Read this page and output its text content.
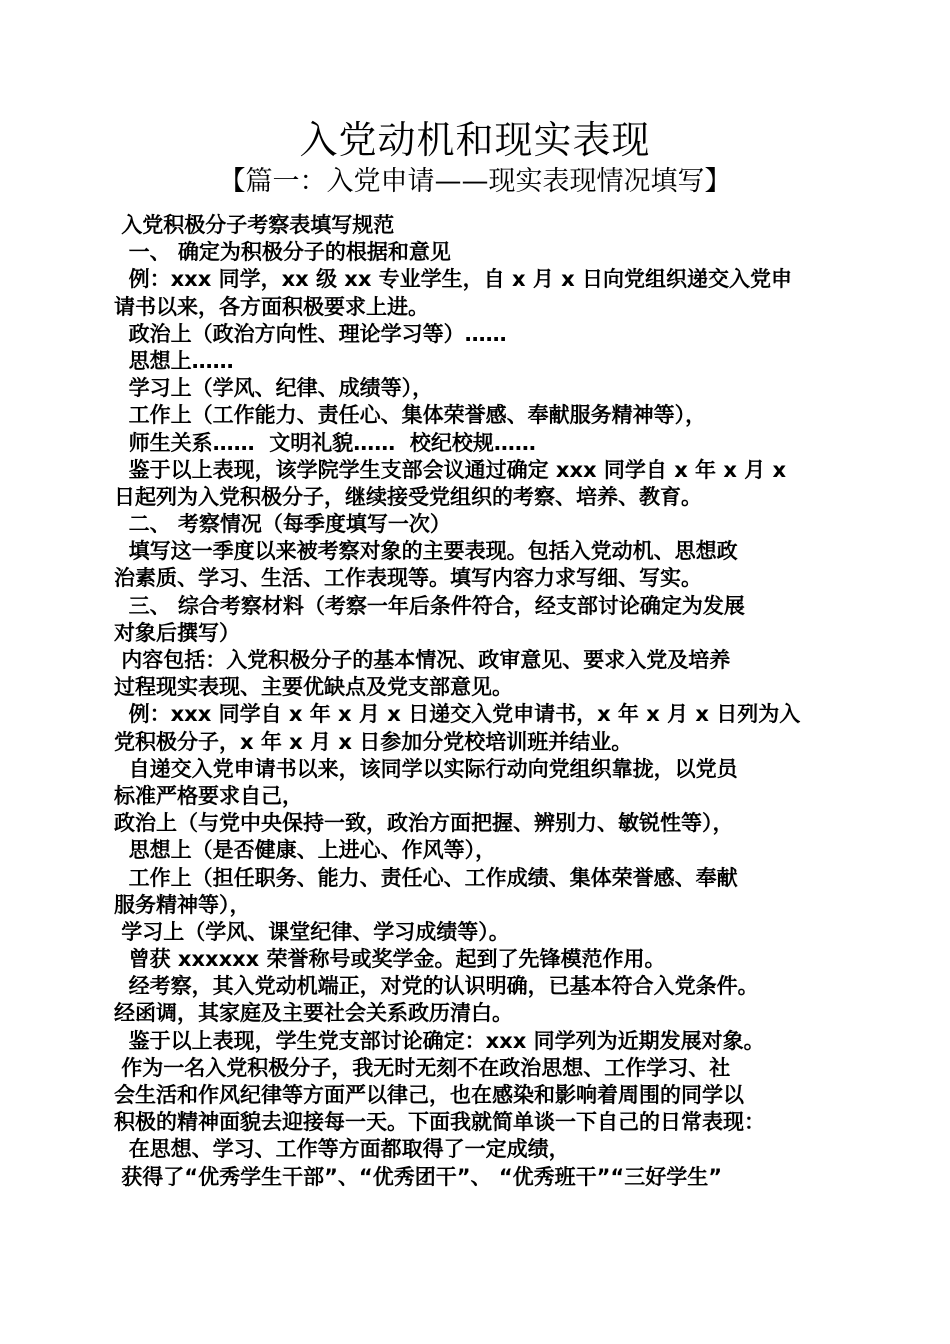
入党动机和现实表现
【篇一：入党申请——现实表现情况填写】
入党积极分子考察表填写规范
一、 确定为积极分子的根据和意见
例：xxx 同学，xx 级 xx 专业学生，自 x 月 x 日向党组织递交入党申
请书以来，各方面积极要求上进。
政治上（政治方向性、理论学习等）……
思想上……
学习上（学风、纪律、成绩等），
工作上（工作能力、责任心、集体荣誉感、奉献服务精神等），
师生关系……  文明礼貌……  校纪校规……
鉴于以上表现，该学院学生支部会议通过确定 xxx 同学自 x 年 x 月 x
日起列为入党积极分子，继续接受党组织的考察、培养、教育。
二、 考察情况（每季度填写一次）
填写这一季度以来被考察对象的主要表现。包括入党动机、思想政
治素质、学习、生活、工作表现等。填写内容力求写细、写实。
三、 综合考察材料（考察一年后条件符合，经支部讨论确定为发展
对象后撰写）
内容包括：入党积极分子的基本情况、政审意见、要求入党及培养
过程现实表现、主要优缺点及党支部意见。
例：xxx 同学自 x 年 x 月 x 日递交入党申请书，x 年 x 月 x 日列为入
党积极分子，x 年 x 月 x 日参加分党校培训班并结业。
自递交入党申请书以来，该同学以实际行动向党组织靠拢，以党员
标准严格要求自己，
政治上（与党中央保持一致，政治方面把握、辨别力、敏锐性等），
思想上（是否健康、上进心、作风等），
工作上（担任职务、能力、责任心、工作成绩、集体荣誉感、奉献
服务精神等），
学习上（学风、课堂纪律、学习成绩等）。
曾获 xxxxxx 荣誉称号或奖学金。起到了先锋模范作用。
经考察，其入党动机端正，对党的认识明确，已基本符合入党条件。
经函调，其家庭及主要社会关系政历清白。
鉴于以上表现，学生党支部讨论确定：xxx 同学列为近期发展对象。
作为一名入党积极分子，我无时无刻不在政治思想、工作学习、社
会生活和作风纪律等方面严以律己，也在感染和影响着周围的同学以
积极的精神面貌去迎接每一天。下面我就简单谈一下自己的日常表现：
在思想、学习、工作等方面都取得了一定成绩，
获得了“优秀学生干部”、“优秀团干”、 “优秀班干”“三好学生”
